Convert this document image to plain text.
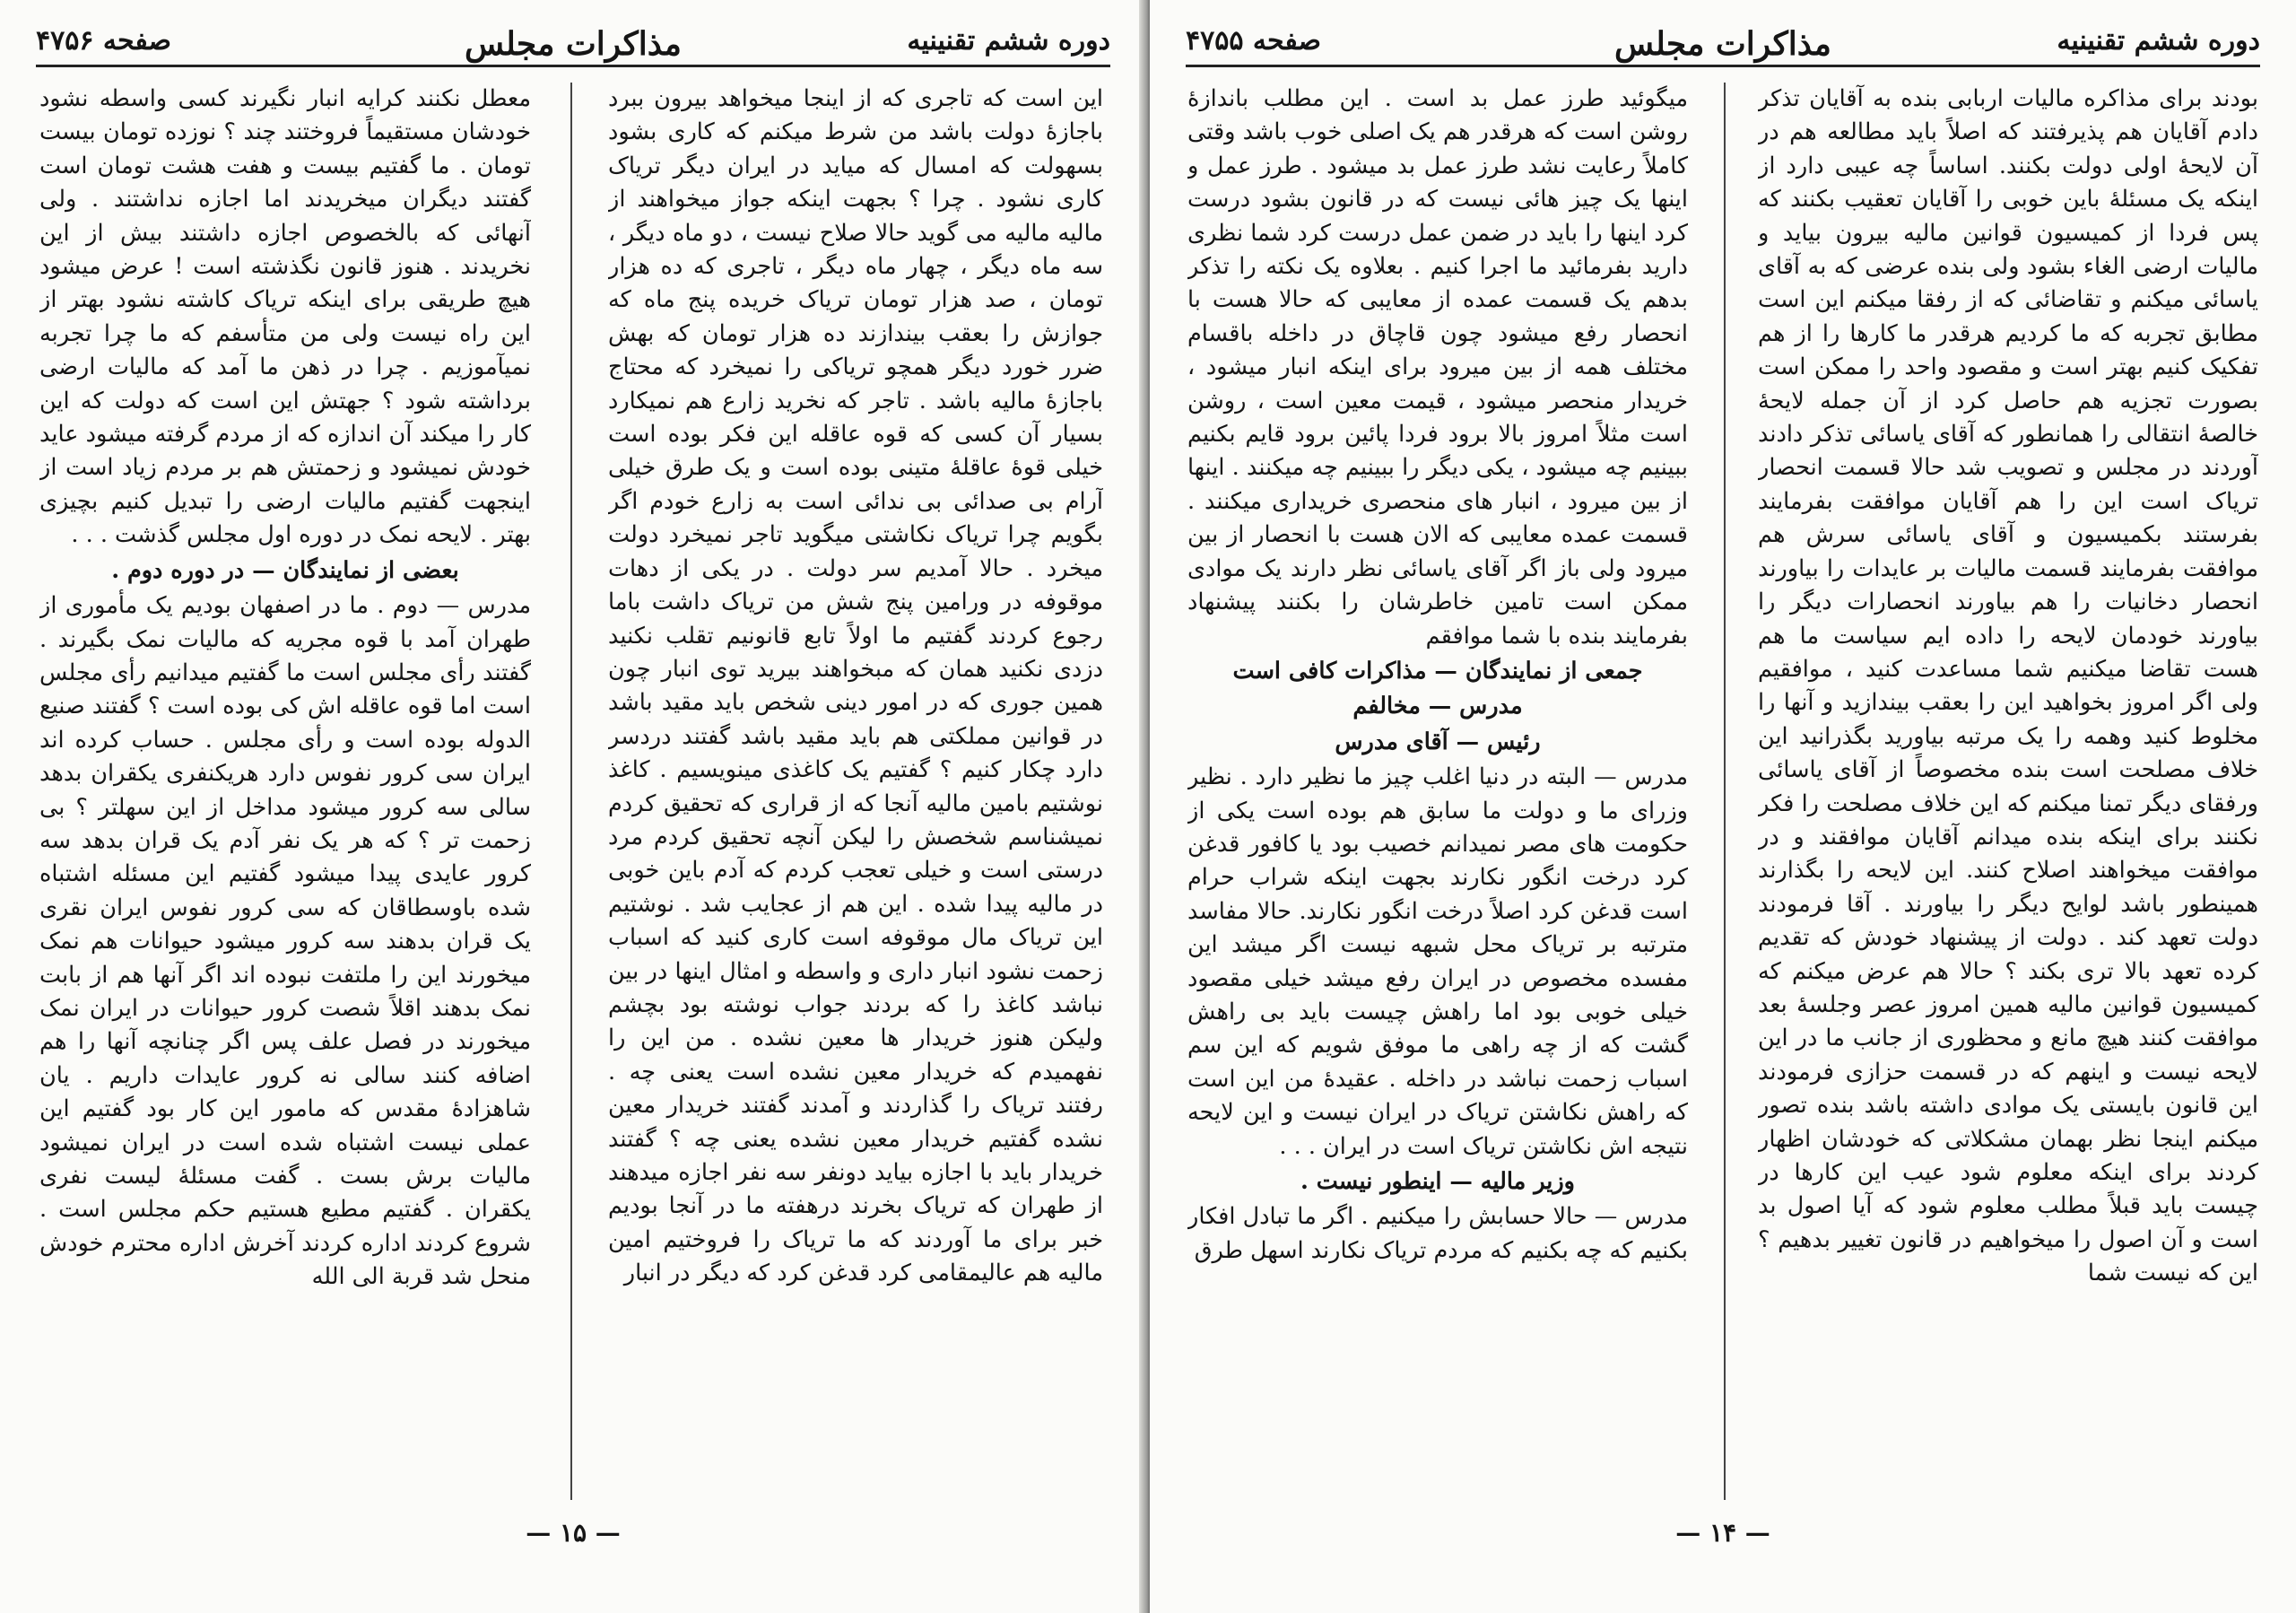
دوره ششم تقنینیه
مذاکرات مجلس
صفحه ۴۷۵۶

این است که تاجری که از اینجا میخواهد بیرون ببرد باجازهٔ دولت باشد من شرط میکنم که کاری بشود بسهولت که امسال که میاید در ایران دیگر تریاک کاری نشود . چرا ؟ بجهت اینکه جواز میخواهند از مالیه مالیه می گوید حالا صلاح نیست ، دو ماه دیگر ، سه ماه دیگر ، چهار ماه دیگر ، تاجری که ده هزار تومان ، صد هزار تومان تریاک خریده پنج ماه که جوازش را بعقب بیندازند ده هزار تومان که بهش ضرر خورد دیگر همچو تریاکی را نمیخرد که محتاج باجازهٔ مالیه باشد . تاجر که نخرید زارع هم نمیکارد بسیار آن کسی که قوه عاقله این فکر بوده است خیلی قوهٔ عاقلهٔ متینی بوده است و یک طرق خیلی آرام بی صدائی بی ندائی است به زارع خودم اگر بگویم چرا تریاک نکاشتی میگوید تاجر نمیخرد دولت میخرد . حالا آمدیم سر دولت . در یکی از دهات موقوفه در ورامین پنج شش من تریاک داشت باما رجوع کردند گفتیم ما اولاً تابع قانونیم تقلب نکنید دزدی نکنید همان که مبخواهند بیرید توی انبار چون همین جوری که در امور دینی شخص باید مقید باشد در قوانین مملکتی هم باید مقید باشد گفتند دردسر دارد چکار کنیم ؟ گفتیم یک کاغذی مینویسیم . کاغذ نوشتیم بامین مالیه آنجا که از قراری که تحقیق کردم نمیشناسم شخصش را لیکن آنچه تحقیق کردم مرد درستی است و خیلی تعجب کردم که آدم باین خوبی در مالیه پیدا شده . این هم از عجایب شد . نوشتیم این تریاک مال موقوفه است کاری کنید که اسباب زحمت نشود انبار داری و واسطه و امثال اینها در بین نباشد کاغذ را که بردند جواب نوشته بود بچشم ولیکن هنوز خریدار ها معین نشده . من این را نفهمیدم که خریدار معین نشده است یعنی چه . رفتند تریاک را گذاردند و آمدند گفتند خریدار معین نشده گفتیم خریدار معین نشده یعنی چه ؟ گفتند خریدار باید با اجازه بیاید دونفر سه نفر اجازه میدهند از طهران که تریاک بخرند درهفته ما در آنجا بودیم خبر برای ما آوردند که ما تریاک را فروختیم امین مالیه هم عالیمقامی کرد قدغن کرد که دیگر در انبار

معطل نکنند کرایه انبار نگیرند کسی واسطه نشود خودشان مستقیماً فروختند چند ؟ نوزده تومان بیست تومان . ما گفتیم بیست و هفت هشت تومان است گفتند دیگران میخریدند اما اجازه نداشتند . ولی آنهائی که بالخصوص اجازه داشتند بیش از این نخریدند . هنوز قانون نگذشته است ! عرض میشود هیچ طریقی برای اینکه تریاک کاشته نشود بهتر از این راه نیست ولی من متأسفم که ما چرا تجربه نمیآموزیم . چرا در ذهن ما آمد که مالیات ارضی برداشته شود ؟ جهتش این است که دولت که این کار را میکند آن اندازه که از مردم گرفته میشود عاید خودش نمیشود و زحمتش هم بر مردم زیاد است از اینجهت گفتیم مالیات ارضی را تبدیل کنیم بچیزی بهتر . لایحه نمک در دوره اول مجلس گذشت . . .

بعضی از نمایندگان — در دوره دوم .

مدرس — دوم . ما در اصفهان بودیم یک مأموری از طهران آمد با قوه مجریه که مالیات نمک بگیرند . گفتند رأی مجلس است ما گفتیم میدانیم رأی مجلس است اما قوه عاقله اش کی بوده است ؟ گفتند صنیع الدوله بوده است و رأی مجلس . حساب کرده اند ایران سی کرور نفوس دارد هریکنفری یکقران بدهد سالی سه کرور میشود مداخل از این سهلتر ؟ بی زحمت تر ؟ که هر یک نفر آدم یک قران بدهد سه کرور عایدی پیدا میشود گفتیم این مسئله اشتباه شده باوسطاقان که سی کرور نفوس ایران نقری یک قران بدهند سه کرور میشود حیوانات هم نمک میخورند این را ملتفت نبوده اند اگر آنها هم از بابت نمک بدهند اقلاً شصت کرور حیوانات در ایران نمک میخورند در فصل علف پس اگر چنانچه آنها را هم اضافه کنند سالی نه کرور عایدات داریم . یان شاهزادهٔ مقدس که مامور این کار بود گفتیم این عملی نیست اشتباه شده است در ایران نمیشود مالیات برش بست . گفت مسئلهٔ لیست نفری یکقران . گفتیم مطیع هستیم حکم مجلس است . شروع کردند اداره کردند آخرش اداره محترم خودش منحل شد قربة الی الله

— ۱۵ —
دوره ششم تقنینیه
مذاکرات مجلس
صفحه ۴۷۵۵

بودند برای مذاکره مالیات اربابی بنده به آقایان تذکر دادم آقایان هم پذیرفتند که اصلاً باید مطالعه هم در آن لایحهٔ اولی دولت بکنند. اساساً چه عیبی دارد از اینکه یک مسئلهٔ باین خوبی را آقایان تعقیب بکنند که پس فردا از کمیسیون قوانین مالیه بیرون بیاید و مالیات ارضی الغاء بشود ولی بنده عرضی که به آقای یاسائی میکنم و تقاضائی که از رفقا میکنم این است مطابق تجربه که ما کردیم هرقدر ما کارها را از هم تفکیک کنیم بهتر است و مقصود واحد را ممکن است بصورت تجزیه هم حاصل کرد از آن جمله لایحهٔ خالصهٔ انتقالی را همانطور که آقای یاسائی تذکر دادند آوردند در مجلس و تصویب شد حالا قسمت انحصار تریاک است این را هم آقایان موافقت بفرمایند بفرستند بکمیسیون و آقای یاسائی سرش هم موافقت بفرمایند قسمت مالیات بر عایدات را بیاورند انحصار دخانیات را هم بیاورند انحصارات دیگر را بیاورند خودمان لایحه را داده ایم سیاست ما هم هست تقاضا میکنیم شما مساعدت کنید ، موافقیم ولی اگر امروز بخواهید این را بعقب بیندازید و آنها را مخلوط کنید وهمه را یک مرتبه بیاورید بگذرانید این خلاف مصلحت است بنده مخصوصاً از آقای یاسائی ورفقای دیگر تمنا میکنم که این خلاف مصلحت را فکر نکنند برای اینکه بنده میدانم آقایان موافقند و در موافقت میخواهند اصلاح کنند. این لایحه را بگذارند همینطور باشد لوایح دیگر را بیاورند . آقا فرمودند دولت تعهد کند . دولت از پیشنهاد خودش که تقدیم کرده تعهد بالا تری بکند ؟ حالا هم عرض میکنم که کمیسیون قوانین مالیه همین امروز عصر وجلسهٔ بعد موافقت کنند هیچ مانع و محظوری از جانب ما در این لایحه نیست و اینهم که در قسمت حزازی فرمودند این قانون بایستی یک موادی داشته باشد بنده تصور میکنم اینجا نظر بهمان مشکلاتی که خودشان اظهار کردند برای اینکه معلوم شود عیب این کارها در چیست باید قبلاً مطلب معلوم شود که آیا اصول بد است و آن اصول را میخواهیم در قانون تغییر بدهیم ؟ این که نیست شما

میگوئید طرز عمل بد است . این مطلب باندازهٔ روشن است که هرقدر هم یک اصلی خوب باشد وقتی کاملاً رعایت نشد طرز عمل بد میشود . طرز عمل و اینها یک چیز هائی نیست که در قانون بشود درست کرد اینها را باید در ضمن عمل درست کرد شما نظری دارید بفرمائید ما اجرا کنیم . بعلاوه یک نکته را تذکر بدهم یک قسمت عمده از معایبی که حالا هست با انحصار رفع میشود چون قاچاق در داخله باقسام مختلف همه از بین میرود برای اینکه انبار میشود ، خریدار منحصر میشود ، قیمت معین است ، روشن است مثلاً امروز بالا برود فردا پائین برود قایم بکنیم ببینیم چه میشود ، یکی دیگر را ببینیم چه میکنند . اینها از بین میرود ، انبار های منحصری خریداری میکنند . قسمت عمده معایبی که الان هست با انحصار از بین میرود ولی باز اگر آقای یاسائی نظر دارند یک موادی ممکن است تامین خاطرشان را بکنند پیشنهاد بفرمایند بنده با شما موافقم

جمعی از نمایندگان — مذاکرات کافی است

مدرس — مخالفم

رئیس — آقای مدرس

مدرس — البته در دنیا اغلب چیز ما نظیر دارد . نظیر وزرای ما و دولت ما سابق هم بوده است یکی از حکومت های مصر نمیدانم خصیب بود یا کافور قدغن کرد درخت انگور نکارند بجهت اینکه شراب حرام است قدغن کرد اصلاً درخت انگور نکارند. حالا مفاسد مترتبه بر تریاک محل شبهه نیست اگر میشد این مفسده مخصوص در ایران رفع میشد خیلی مقصود خیلی خوبی بود اما راهش چیست باید بی راهش گشت که از چه راهی ما موفق شویم که این سم اسباب زحمت نباشد در داخله . عقیدهٔ من این است که راهش نکاشتن تریاک در ایران نیست و این لایحه نتیجه اش نکاشتن تریاک است در ایران . . .

وزیر مالیه — اینطور نیست .

مدرس — حالا حسابش را میکنیم . اگر ما تبادل افکار بکنیم که چه بکنیم که مردم تریاک نکارند اسهل طرق

— ۱۴ —
